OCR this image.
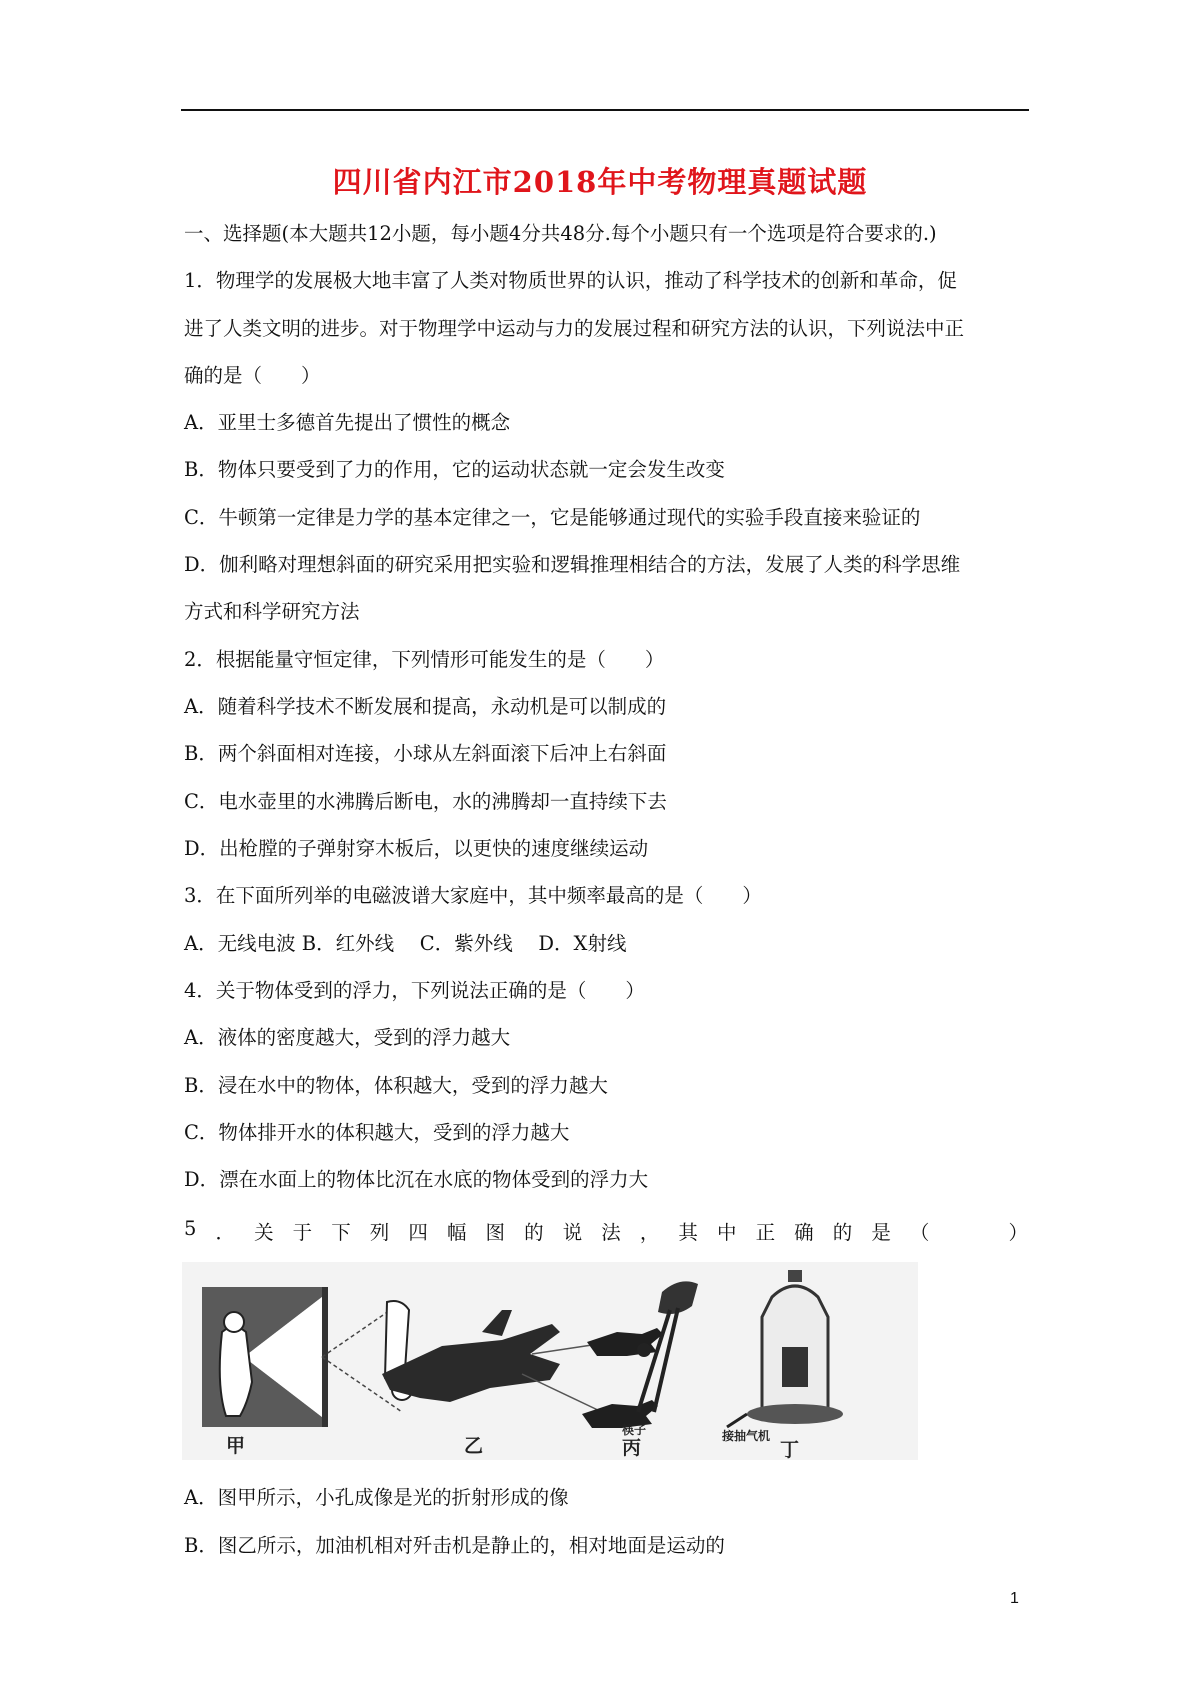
四川省内江市2018年中考物理真题试题
一、选择题(本大题共12小题，每小题4分共48分.每个小题只有一个选项是符合要求的.)
1．物理学的发展极大地丰富了人类对物质世界的认识，推动了科学技术的创新和革命，促
进了人类文明的进步。对于物理学中运动与力的发展过程和研究方法的认识，下列说法中正
确的是（　　）
A．亚里士多德首先提出了惯性的概念
B．物体只要受到了力的作用，它的运动状态就一定会发生改变
C．牛顿第一定律是力学的基本定律之一，它是能够通过现代的实验手段直接来验证的
D．伽利略对理想斜面的研究采用把实验和逻辑推理相结合的方法，发展了人类的科学思维
方式和科学研究方法
2．根据能量守恒定律，下列情形可能发生的是（　　）
A．随着科学技术不断发展和提高，永动机是可以制成的
B．两个斜面相对连接，小球从左斜面滚下后冲上右斜面
C．电水壶里的水沸腾后断电，水的沸腾却一直持续下去
D．出枪膛的子弹射穿木板后，以更快的速度继续运动
3．在下面所列举的电磁波谱大家庭中，其中频率最高的是（　　）
A．无线电波 B．红外线　 C．紫外线　 D．X射线
4．关于物体受到的浮力，下列说法正确的是（　　）
A．液体的密度越大，受到的浮力越大
B．浸在水中的物体，体积越大，受到的浮力越大
C．物体排开水的体积越大，受到的浮力越大
D．漂在水面上的物体比沉在水底的物体受到的浮力大
5 ． 关 于 下 列 四 幅 图 的 说 法 ， 其 中 正 确 的 是 （	）
甲	乙
筷子
丙
接抽气机
丁
A．图甲所示，小孔成像是光的折射形成的像
B．图乙所示，加油机相对歼击机是静止的，相对地面是运动的
1
